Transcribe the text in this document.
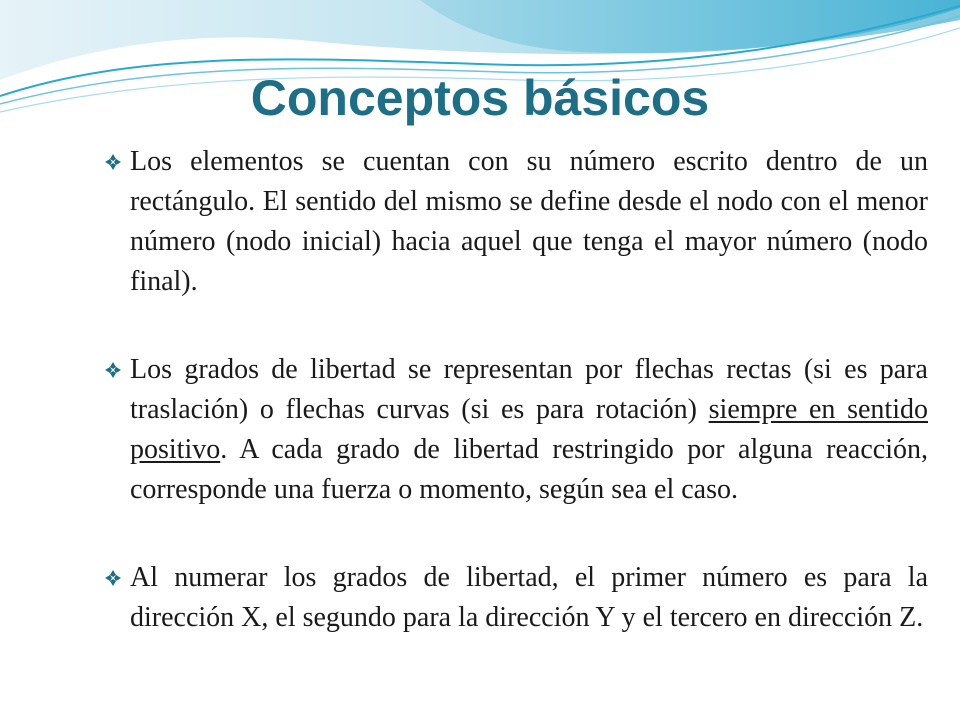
Conceptos básicos

Los elementos se cuentan con su número escrito dentro de un rectángulo. El sentido del mismo se define desde el nodo con el menor número (nodo inicial) hacia aquel que tenga el mayor número (nodo final).

Los grados de libertad se representan por flechas rectas (si es para traslación) o flechas curvas (si es para rotación) siempre en sentido positivo. A cada grado de libertad restringido por alguna reacción, corresponde una fuerza o momento, según sea el caso.

Al numerar los grados de libertad, el primer número es para la dirección X, el segundo para la dirección Y y el tercero en dirección Z.
